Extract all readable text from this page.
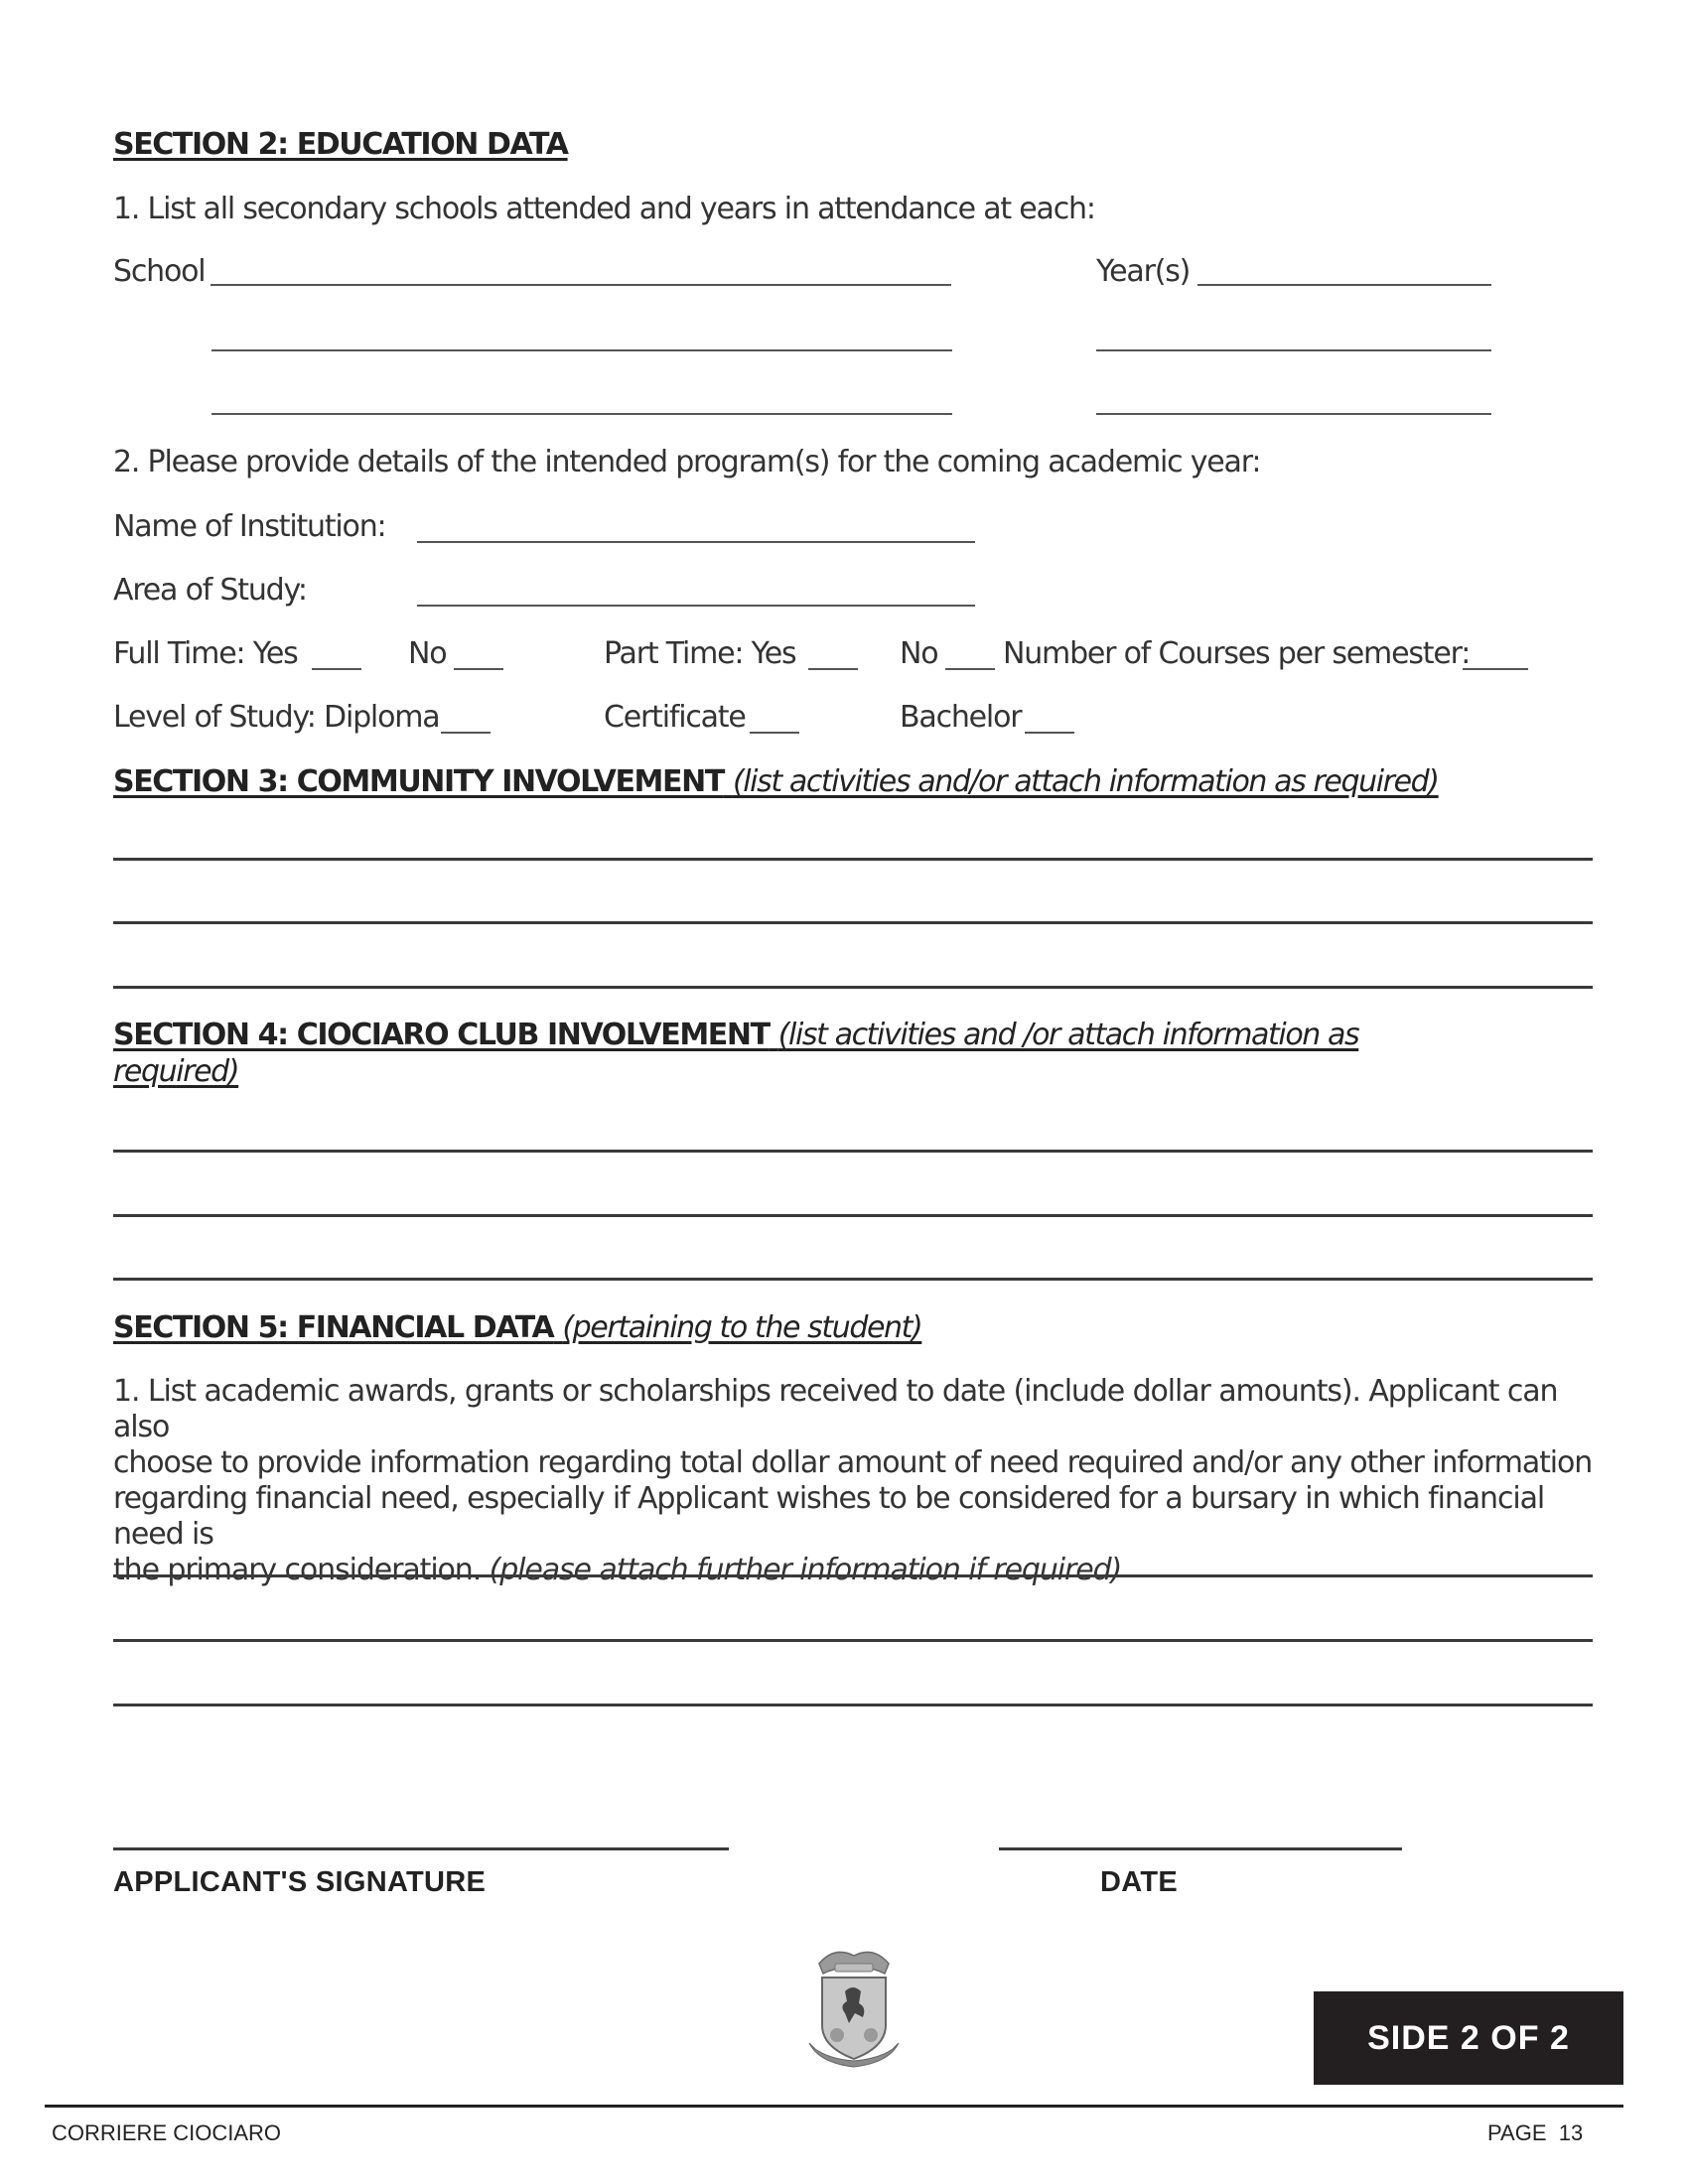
SECTION 2: EDUCATION DATA
1. List all secondary schools attended and years in attendance at each:
School	Year(s)
2. Please provide details of the intended program(s) for the coming academic year:
Name of Institution:
Area of Study:
Full Time: Yes	No	Part Time: Yes	No Number of Courses per semester:
Level of Study: Diploma	Certificate	Bachelor
SECTION 3: COMMUNITY INVOLVEMENT (list activities and/or attach information as required)
SECTION 4: CIOCIARO CLUB INVOLVEMENT (list activities and /or attach information as
required)
SECTION 5: FINANCIAL DATA (pertaining to the student)
1. List academic awards, grants or scholarships received to date (include dollar amounts). Applicant can also
choose to provide information regarding total dollar amount of need required and/or any other information
regarding financial need, especially if Applicant wishes to be considered for a bursary in which financial need is
the primary consideration. (please attach further information if required)
APPLICANT'S SIGNATURE	DATE
SIDE 2 OF 2
CORRIERE CIOCIARO	PAGE 13
